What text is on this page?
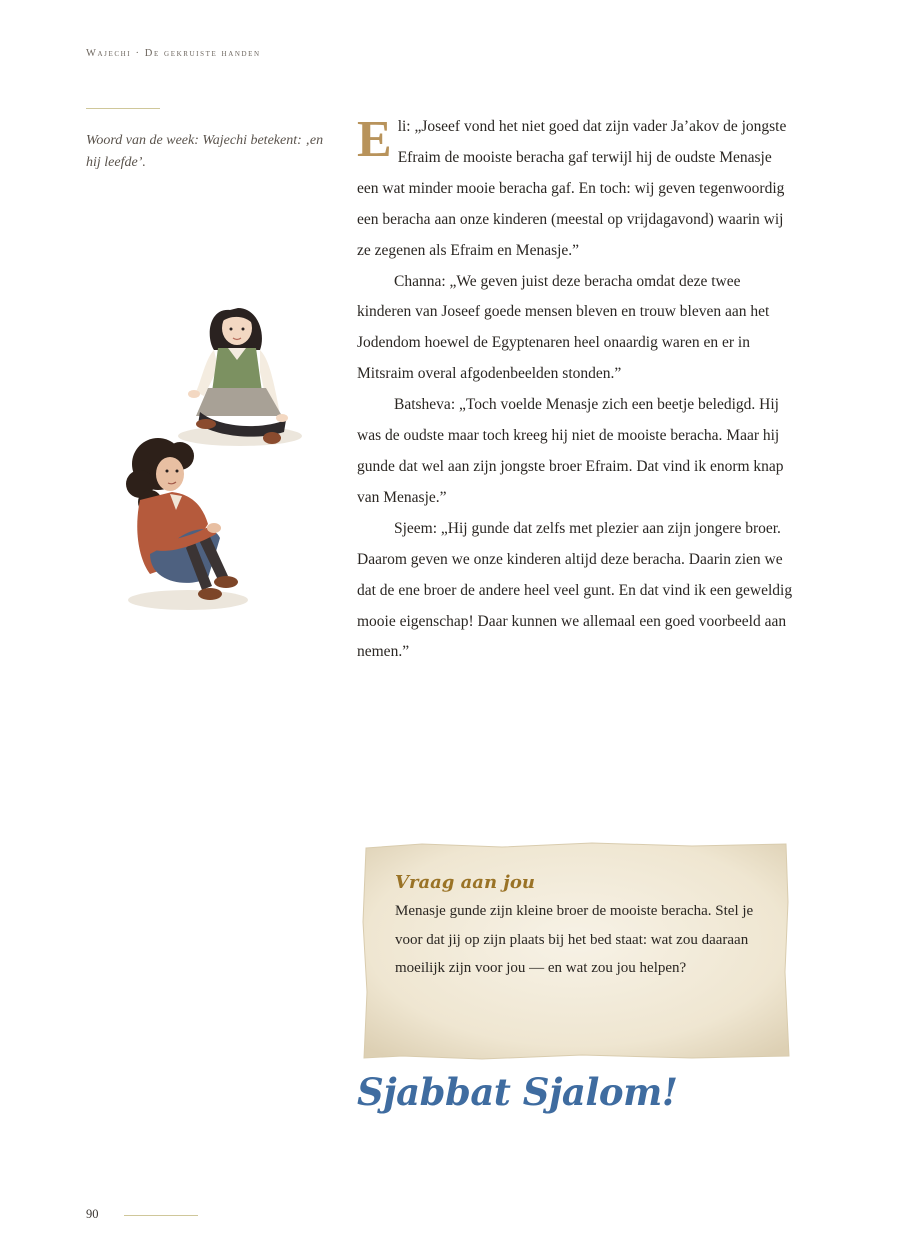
Wajechi · De gekruiste handen
Woord van de week: Wajechi betekent: ‚en hij leefde’.	Eli: „Joseef vond het niet goed dat zijn vader Ja’akov de jongste Efraim de mooiste beracha gaf terwijl hij de oudste Menasje een wat minder mooie beracha gaf. En toch: wij geven tegenwoordig een beracha aan onze kinderen (meestal op vrijdagavond) waarin wij ze zegenen als Efraim en Menasje.”

Channa: „We geven juist deze beracha omdat deze twee kinderen van Joseef goede mensen bleven en trouw bleven aan het Jodendom hoewel de Egyptenaren heel onaardig waren en er in Mitsraim overal afgodenbeelden stonden.”

Batsheva: „Toch voelde Menasje zich een beetje beledigd. Hij was de oudste maar toch kreeg hij niet de mooiste beracha. Maar hij gunde dat wel aan zijn jongste broer Efraim. Dat vind ik enorm knap van Menasje.”

Sjeem: „Hij gunde dat zelfs met plezier aan zijn jongere broer. Daarom geven we onze kinderen altijd deze beracha. Daarin zien we dat de ene broer de andere heel veel gunt. En dat vind ik een geweldig mooie eigenschap! Daar kunnen we allemaal een goed voorbeeld aan nemen.”

Vraag aan jou
Menasje gunde zijn kleine broer de mooiste beracha. Stel je voor dat jij op zijn plaats bij het bed staat: wat zou daaraan moeilijk zijn voor jou — en wat zou jou helpen?
Sjabbat Sjalom!
90
